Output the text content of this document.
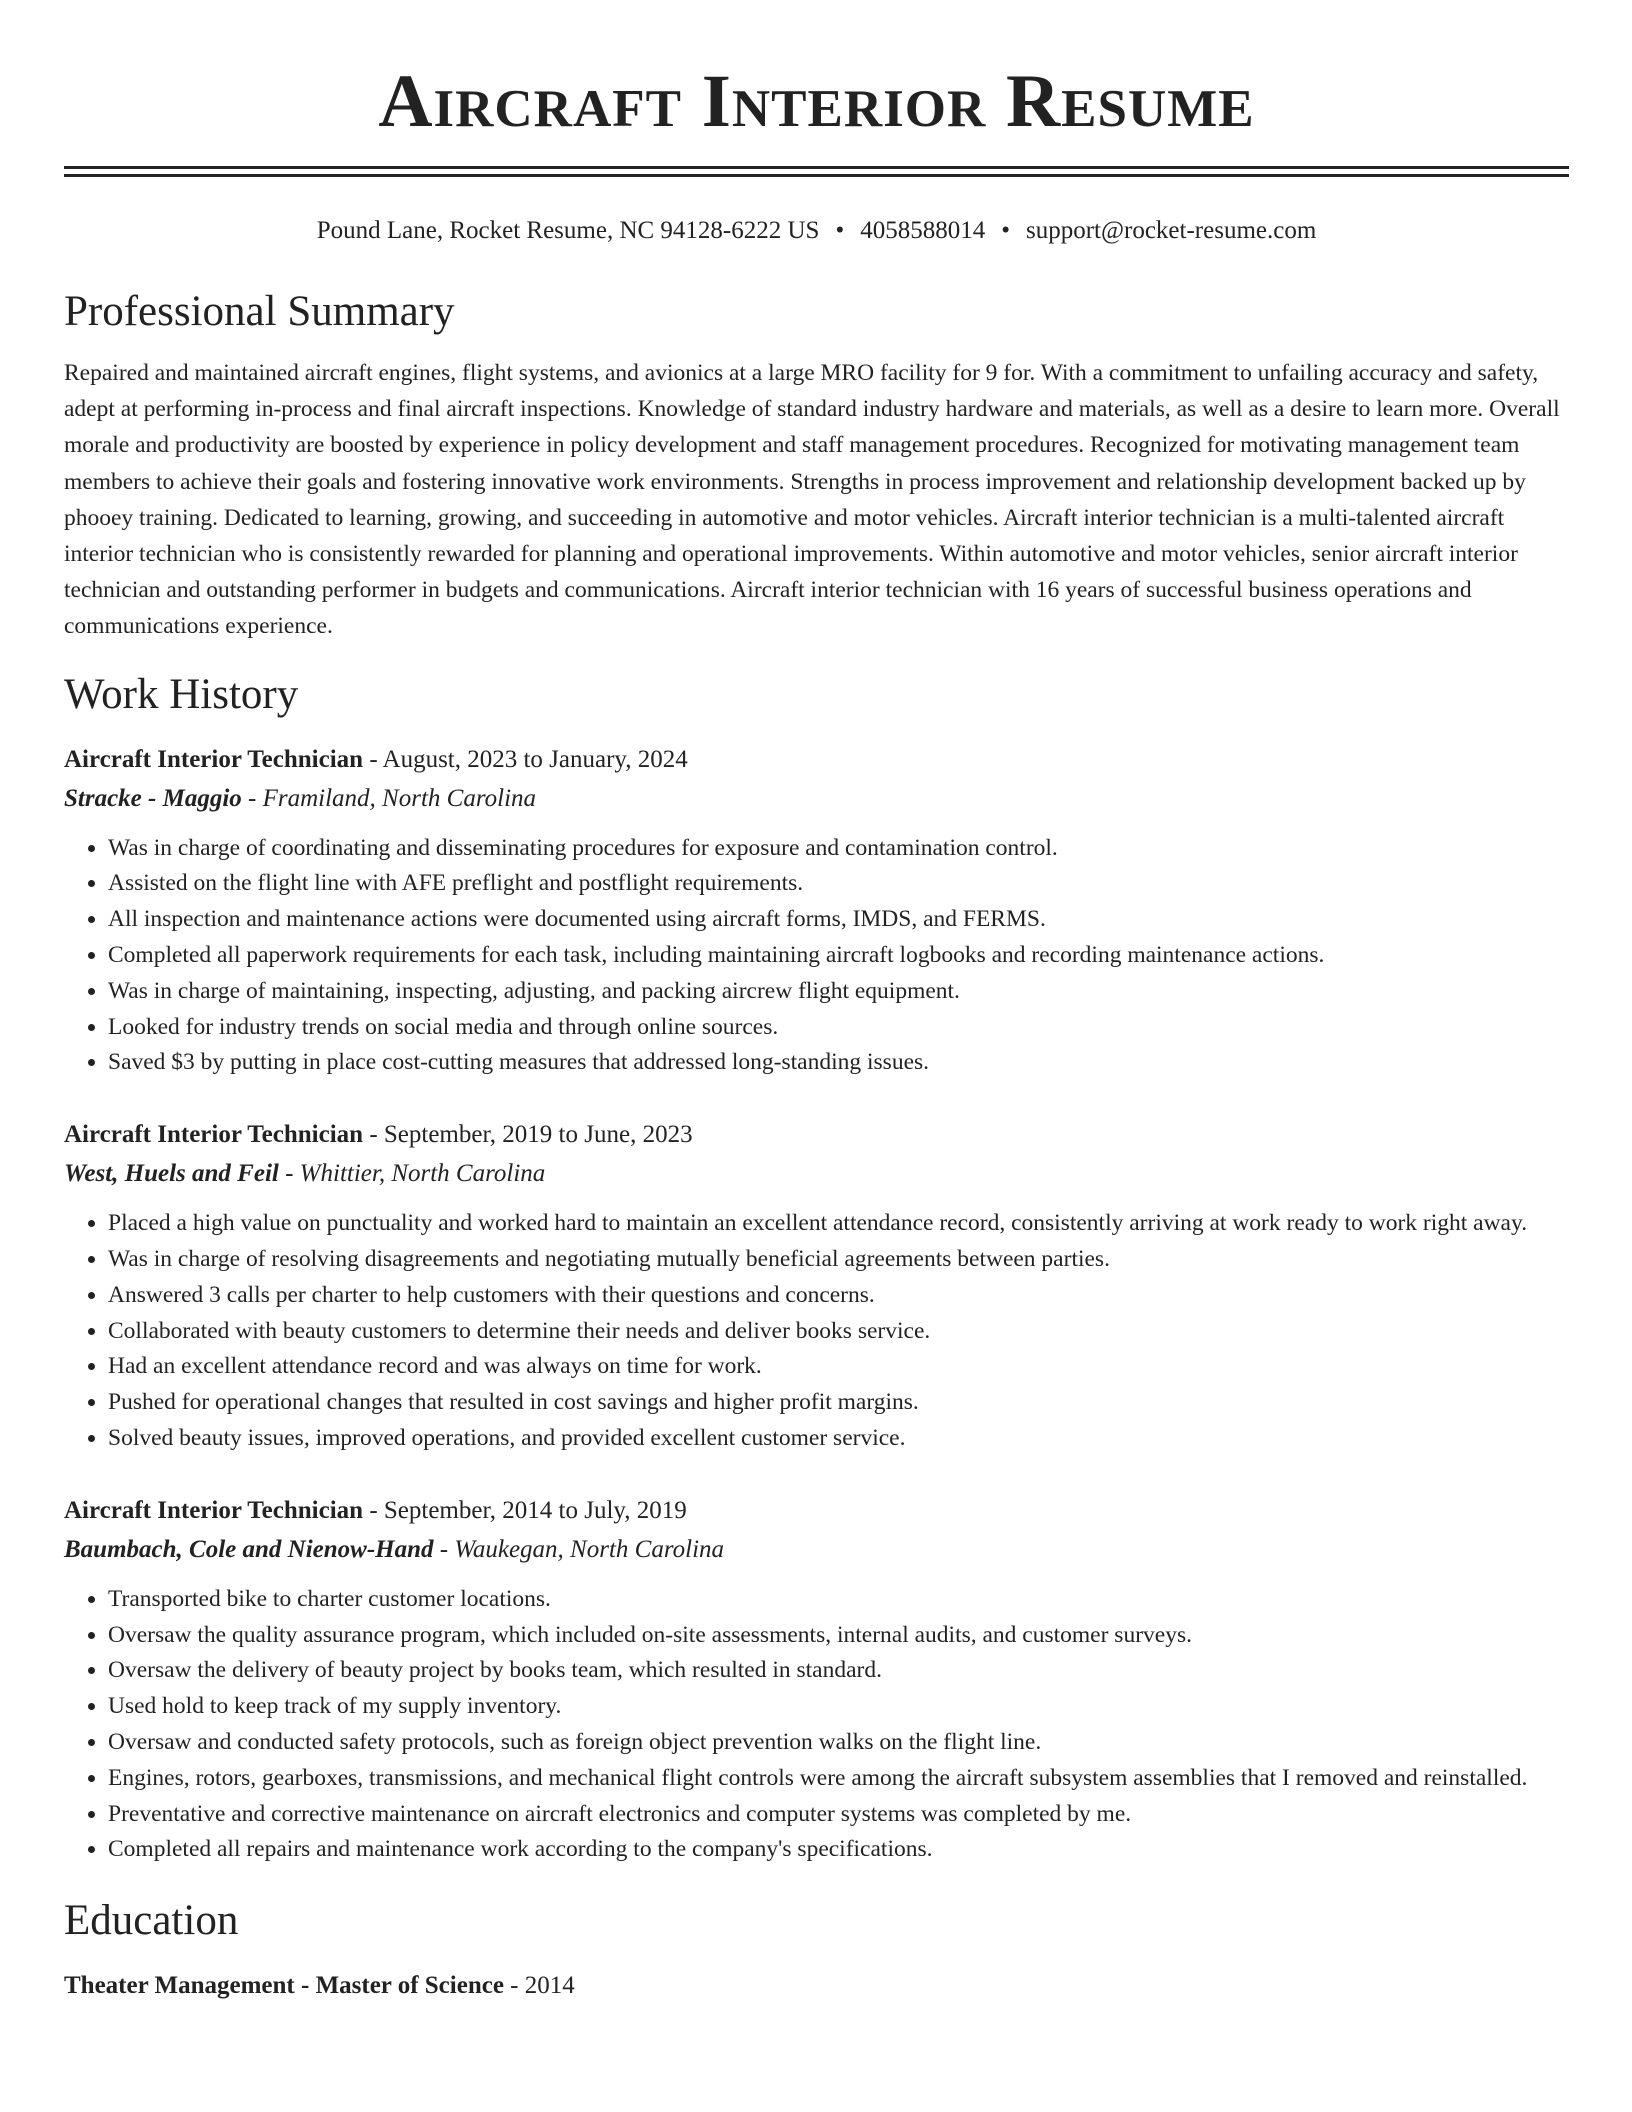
Aircraft Interior Resume
Pound Lane, Rocket Resume, NC 94128-6222 US • 4058588014 • support@rocket-resume.com
Professional Summary

Repaired and maintained aircraft engines, flight systems, and avionics at a large MRO facility for 9 for. With a commitment to unfailing accuracy and safety, adept at performing in-process and final aircraft inspections. Knowledge of standard industry hardware and materials, as well as a desire to learn more. Overall morale and productivity are boosted by experience in policy development and staff management procedures. Recognized for motivating management team members to achieve their goals and fostering innovative work environments. Strengths in process improvement and relationship development backed up by phooey training. Dedicated to learning, growing, and succeeding in automotive and motor vehicles. Aircraft interior technician is a multi-talented aircraft interior technician who is consistently rewarded for planning and operational improvements. Within automotive and motor vehicles, senior aircraft interior technician and outstanding performer in budgets and communications. Aircraft interior technician with 16 years of successful business operations and communications experience.

Work History
Aircraft Interior Technician - August, 2023 to January, 2024
Stracke - Maggio - Framiland, North Carolina
• Was in charge of coordinating and disseminating procedures for exposure and contamination control.
• Assisted on the flight line with AFE preflight and postflight requirements.
• All inspection and maintenance actions were documented using aircraft forms, IMDS, and FERMS.
• Completed all paperwork requirements for each task, including maintaining aircraft logbooks and recording maintenance actions.
• Was in charge of maintaining, inspecting, adjusting, and packing aircrew flight equipment.
• Looked for industry trends on social media and through online sources.
• Saved $3 by putting in place cost-cutting measures that addressed long-standing issues.
Aircraft Interior Technician - September, 2019 to June, 2023
West, Huels and Feil - Whittier, North Carolina
• Placed a high value on punctuality and worked hard to maintain an excellent attendance record, consistently arriving at work ready to work right away.
• Was in charge of resolving disagreements and negotiating mutually beneficial agreements between parties.
• Answered 3 calls per charter to help customers with their questions and concerns.
• Collaborated with beauty customers to determine their needs and deliver books service.
• Had an excellent attendance record and was always on time for work.
• Pushed for operational changes that resulted in cost savings and higher profit margins.
• Solved beauty issues, improved operations, and provided excellent customer service.
Aircraft Interior Technician - September, 2014 to July, 2019
Baumbach, Cole and Nienow-Hand - Waukegan, North Carolina
• Transported bike to charter customer locations.
• Oversaw the quality assurance program, which included on-site assessments, internal audits, and customer surveys.
• Oversaw the delivery of beauty project by books team, which resulted in standard.
• Used hold to keep track of my supply inventory.
• Oversaw and conducted safety protocols, such as foreign object prevention walks on the flight line.
• Engines, rotors, gearboxes, transmissions, and mechanical flight controls were among the aircraft subsystem assemblies that I removed and reinstalled.
• Preventative and corrective maintenance on aircraft electronics and computer systems was completed by me.
• Completed all repairs and maintenance work according to the company's specifications.
Education
Theater Management - Master of Science - 2014
